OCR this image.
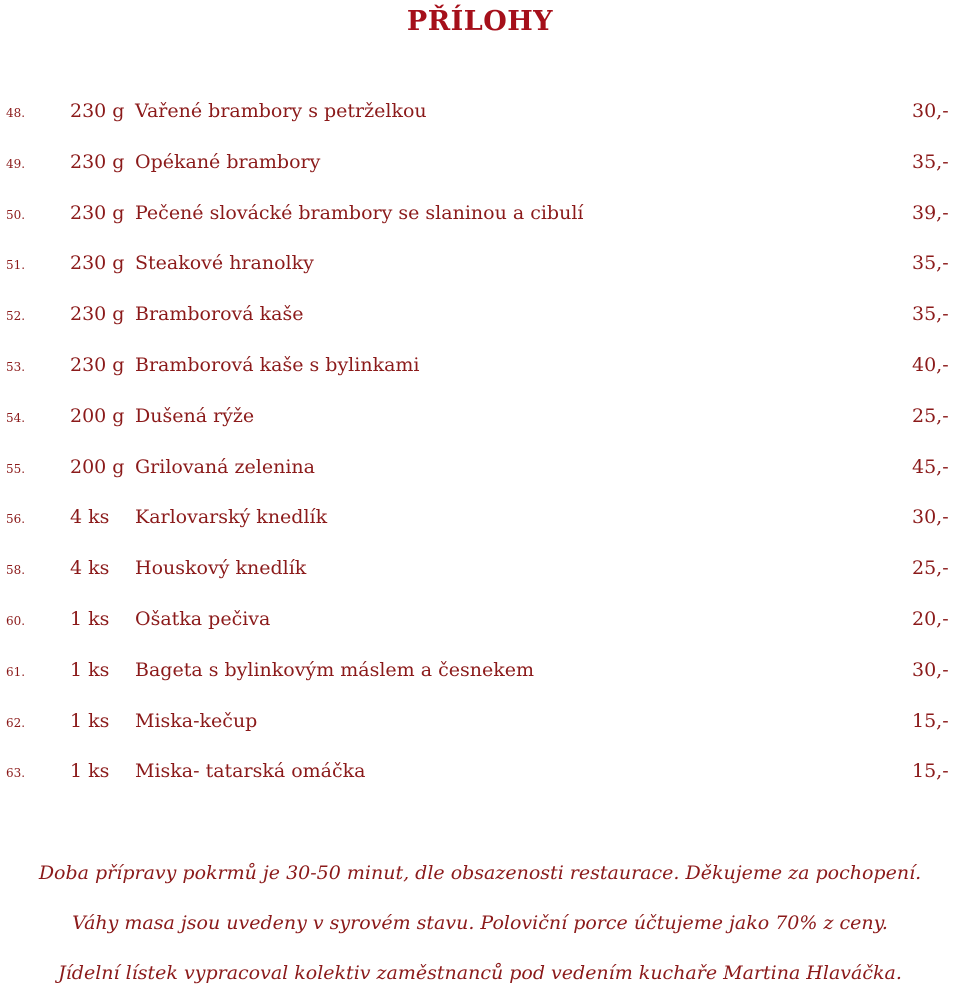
PŘÍLOHY
48. 230 g Vařené brambory s petrželkou	30,-
49. 230 g Opékané brambory	35,-
50. 230 g Pečené slovácké brambory se slaninou a cibulí	39,-
51. 230 g Steakové hranolky	35,-
52. 230 g Bramborová kaše	35,-
53. 230 g Bramborová kaše s bylinkami	40,-
54. 200 g Dušená rýže	25,-
55. 200 g Grilovaná zelenina	45,-
56. 4 ks Karlovarský knedlík	30,-
58. 4 ks Houskový knedlík	25,-
60. 1 ks Ošatka pečiva	20,-
61. 1 ks Bageta s bylinkovým máslem a česnekem	30,-
62. 1 ks Miska-kečup	15,-
63. 1 ks Miska- tatarská omáčka	15,-
Doba přípravy pokrmů je 30-50 minut, dle obsazenosti restaurace. Děkujeme za pochopení.
Váhy masa jsou uvedeny v syrovém stavu. Poloviční porce účtujeme jako 70% z ceny.
Jídelní lístek vypracoval kolektiv zaměstnanců pod vedením kuchaře Martina Hlaváčka.
